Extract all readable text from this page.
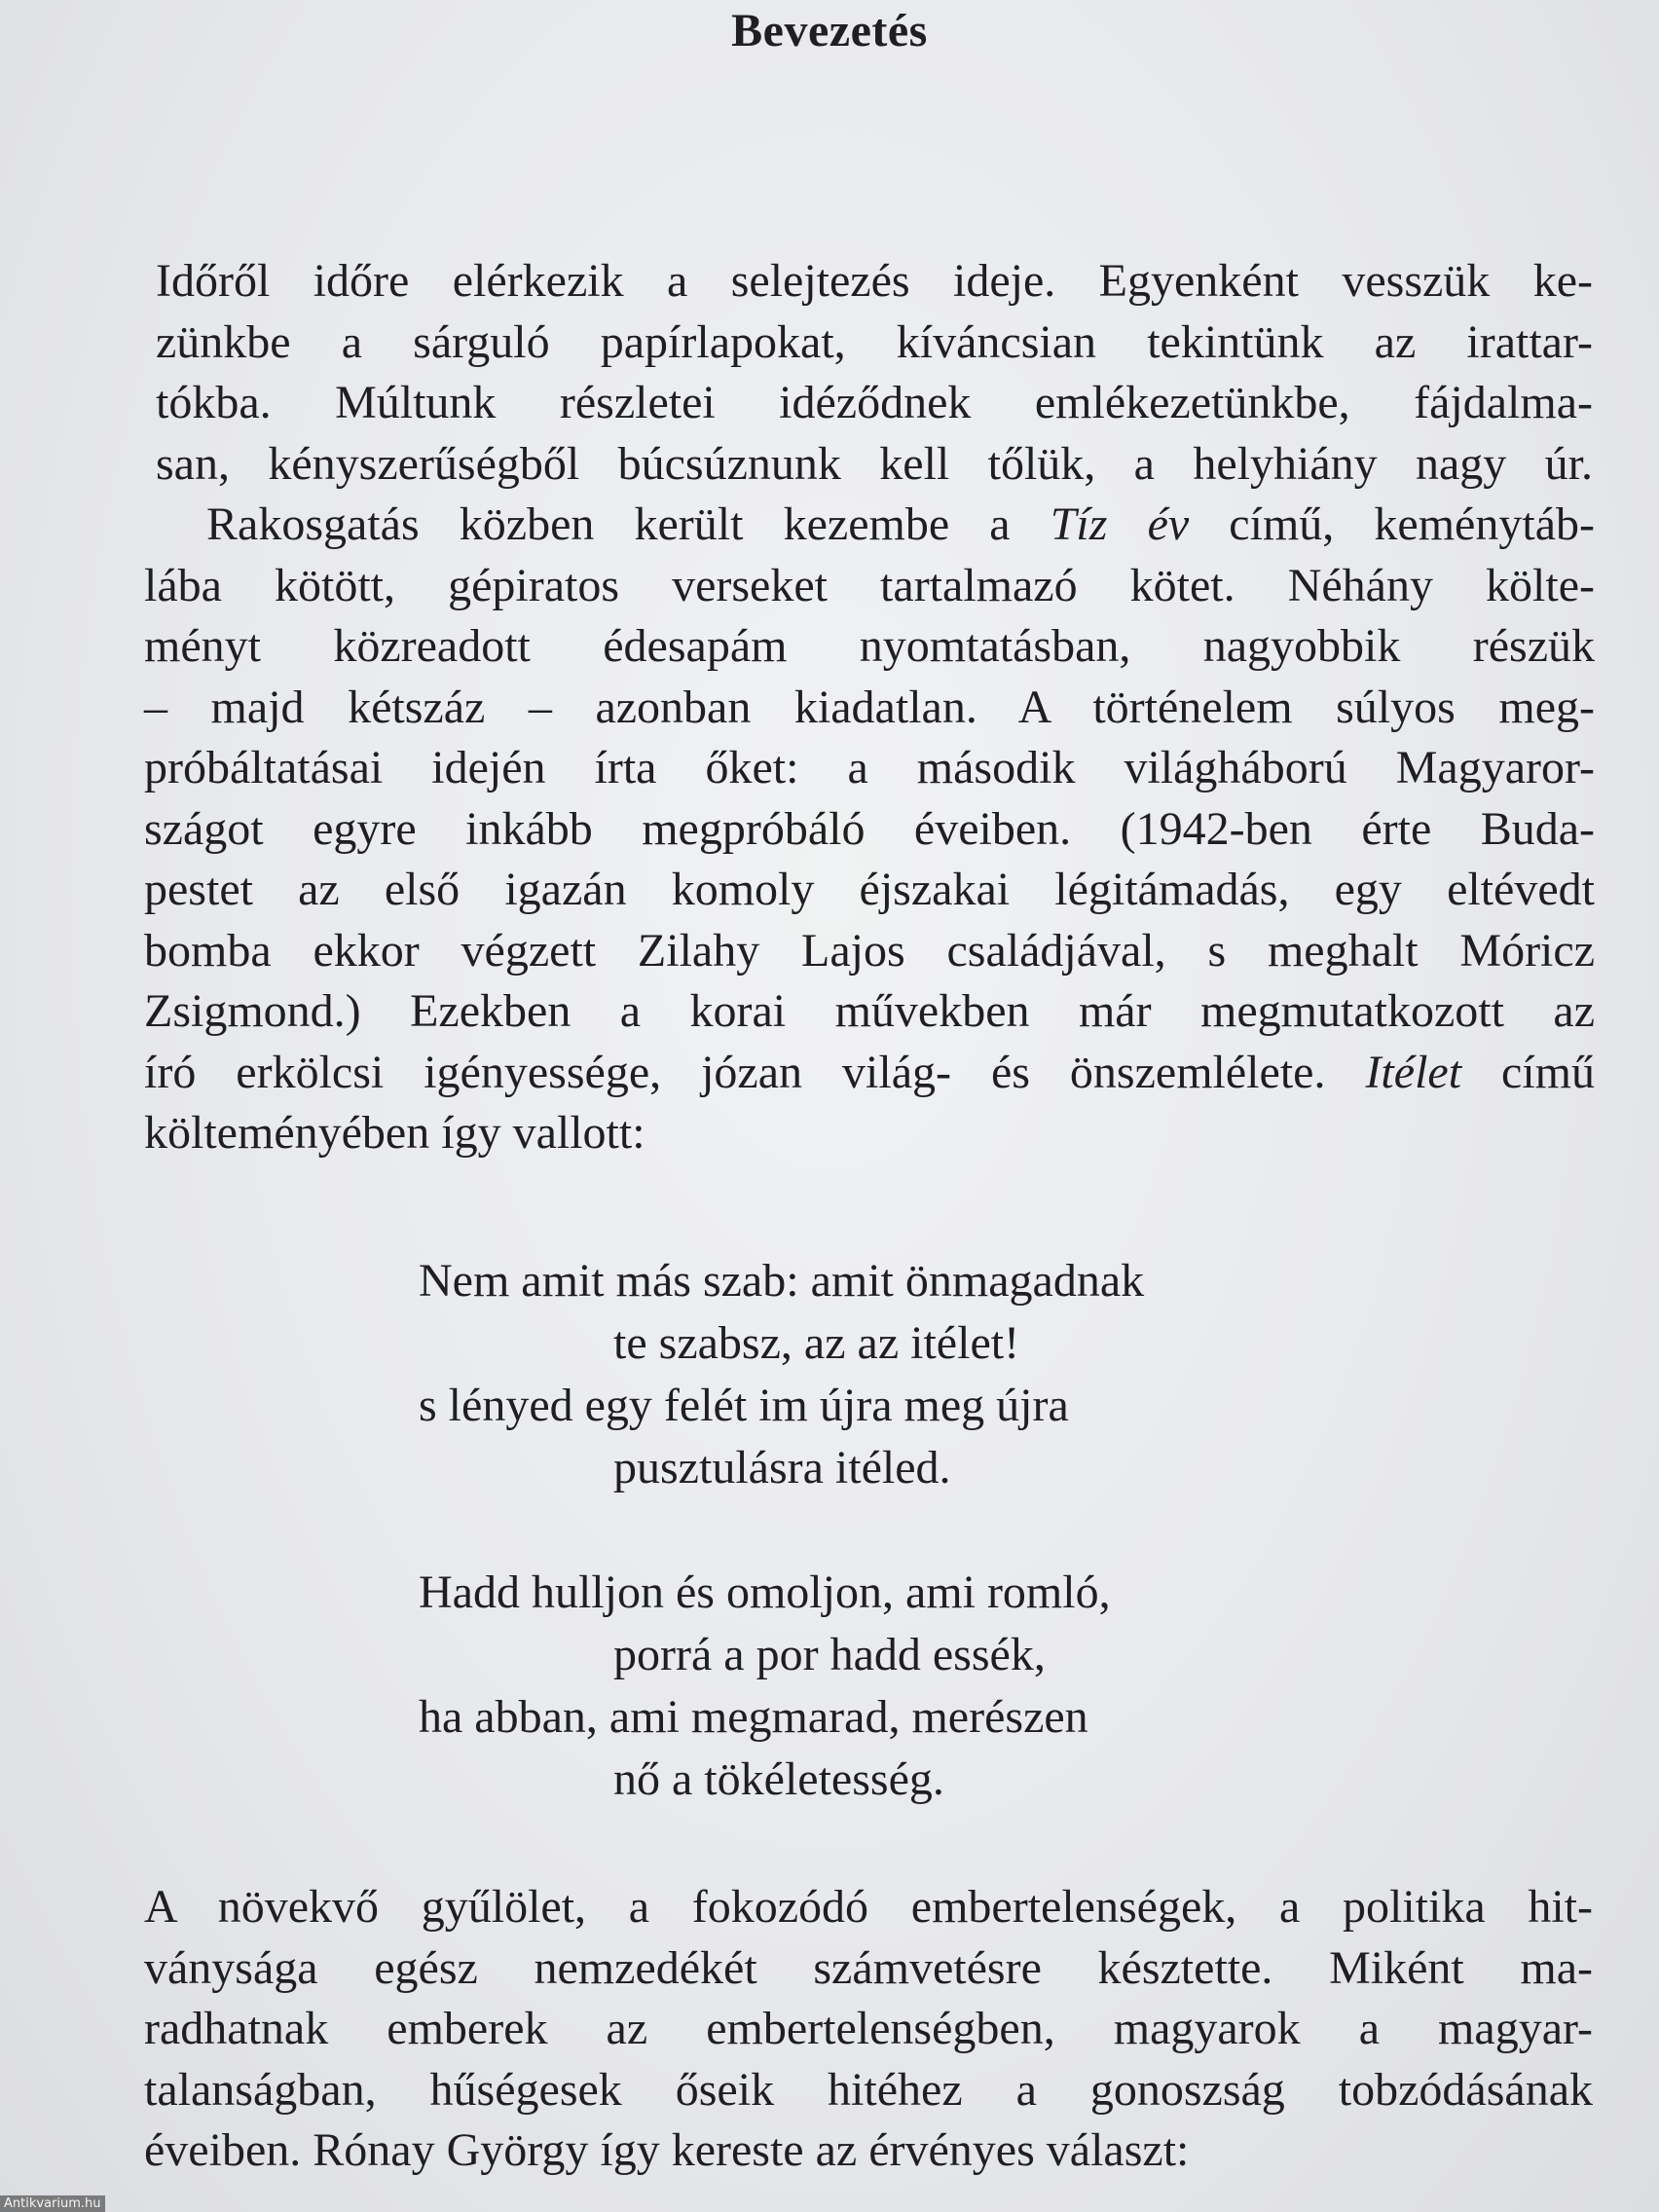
Bevezetés
Időről időre elérkezik a selejtezés ideje. Egyenként vesszük ke-
zünkbe a sárguló papírlapokat, kíváncsian tekintünk az irattar-
tókba. Múltunk részletei idéződnek emlékezetünkbe, fájdalma-
san, kényszerűségből búcsúznunk kell tőlük, a helyhiány nagy úr.
Rakosgatás közben került kezembe a Tíz év című, keménytáb-
lába kötött, gépiratos verseket tartalmazó kötet. Néhány költe-
ményt közreadott édesapám nyomtatásban, nagyobbik részük
– majd kétszáz – azonban kiadatlan. A történelem súlyos meg-
próbáltatásai idején írta őket: a második világháború Magyaror-
szágot egyre inkább megpróbáló éveiben. (1942-ben érte Buda-
pestet az első igazán komoly éjszakai légitámadás, egy eltévedt
bomba ekkor végzett Zilahy Lajos családjával, s meghalt Móricz
Zsigmond.) Ezekben a korai művekben már megmutatkozott az
író erkölcsi igényessége, józan világ- és önszemlélete. Itélet című
költeményében így vallott:
Nem amit más szab: amit önmagadnak
te szabsz, az az itélet!
s lényed egy felét im újra meg újra
pusztulásra itéled.
Hadd hulljon és omoljon, ami romló,
porrá a por hadd essék,
ha abban, ami megmarad, merészen
nő a tökéletesség.
A növekvő gyűlölet, a fokozódó embertelenségek, a politika hit-
ványsága egész nemzedékét számvetésre késztette. Miként ma-
radhatnak emberek az embertelenségben, magyarok a magyar-
talanságban, hűségesek őseik hitéhez a gonoszság tobzódásának
éveiben. Rónay György így kereste az érvényes választ:
Antikvarium.hu
